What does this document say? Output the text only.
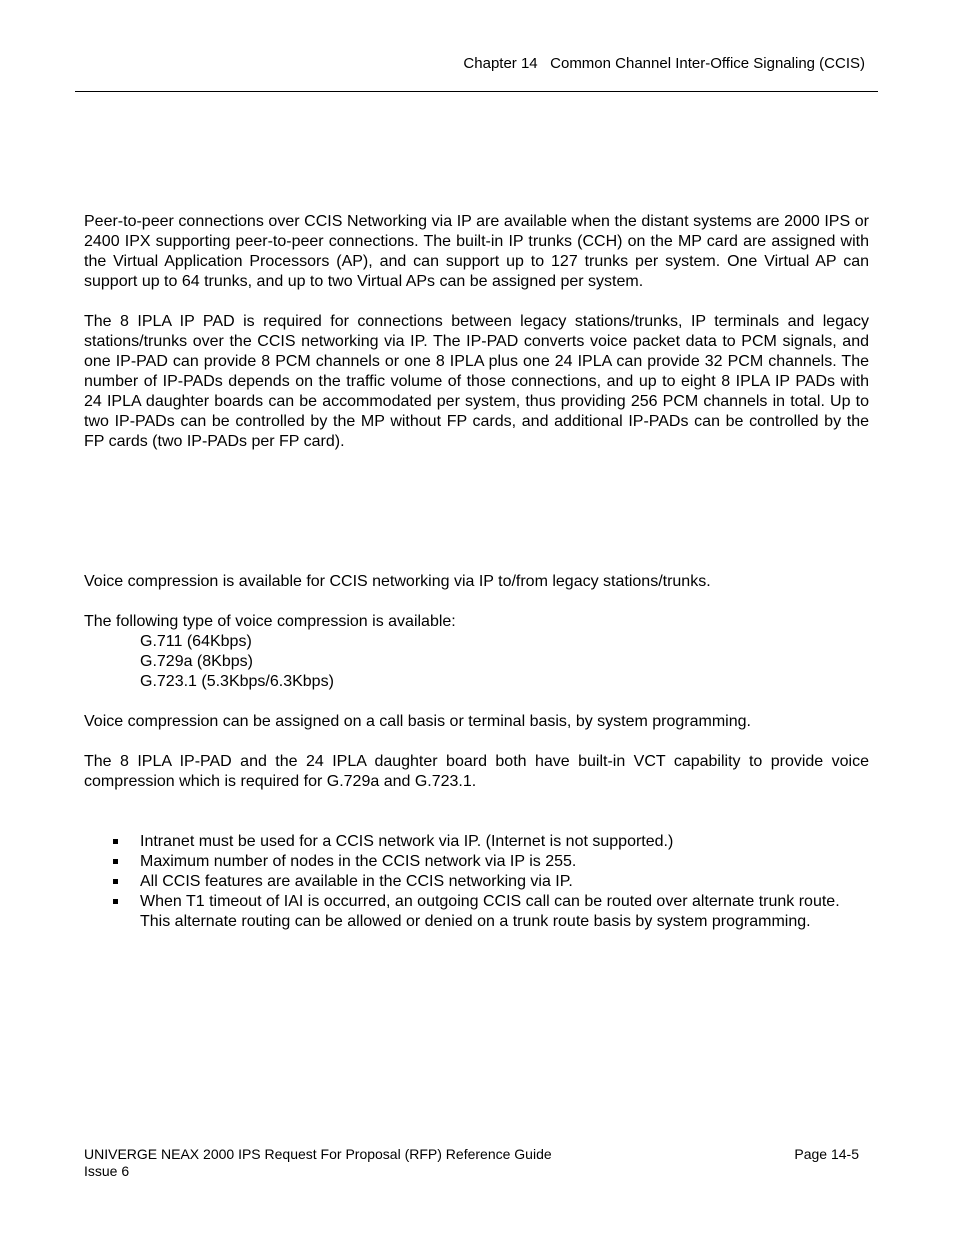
Chapter 14   Common Channel Inter-Office Signaling (CCIS)

Peer-to-peer connections over CCIS Networking via IP are available when the distant systems are 2000 IPS or 2400 IPX supporting peer-to-peer connections. The built-in IP trunks (CCH) on the MP card are assigned with the Virtual Application Processors (AP), and can support up to 127 trunks per system. One Virtual AP can support up to 64 trunks, and up to two Virtual APs can be assigned per system.

The 8 IPLA IP PAD is required for connections between legacy stations/trunks, IP terminals and legacy stations/trunks over the CCIS networking via IP. The IP-PAD converts voice packet data to PCM signals, and one IP-PAD can provide 8 PCM channels or one 8 IPLA plus one 24 IPLA can provide 32 PCM channels. The number of IP-PADs depends on the traffic volume of those connections, and up to eight 8 IPLA IP PADs with 24 IPLA daughter boards can be accommodated per system, thus providing 256 PCM channels in total. Up to two IP-PADs can be controlled by the MP without FP cards, and additional IP-PADs can be controlled by the FP cards (two IP-PADs per FP card).

Voice compression is available for CCIS networking via IP to/from legacy stations/trunks.

The following type of voice compression is available:

G.711 (64Kbps)
G.729a (8Kbps)
G.723.1 (5.3Kbps/6.3Kbps)

Voice compression can be assigned on a call basis or terminal basis, by system programming.

The 8 IPLA IP-PAD and the 24 IPLA daughter board both have built-in VCT capability to provide voice compression which is required for G.729a and G.723.1.

Intranet must be used for a CCIS network via IP. (Internet is not supported.)
Maximum number of nodes in the CCIS network via IP is 255.
All CCIS features are available in the CCIS networking via IP.
When T1 timeout of IAI is occurred, an outgoing CCIS call can be routed over alternate trunk route. This alternate routing can be allowed or denied on a trunk route basis by system programming.
UNIVERGE NEAX 2000 IPS Request For Proposal (RFP) Reference Guide	Page 14-5
Issue 6
